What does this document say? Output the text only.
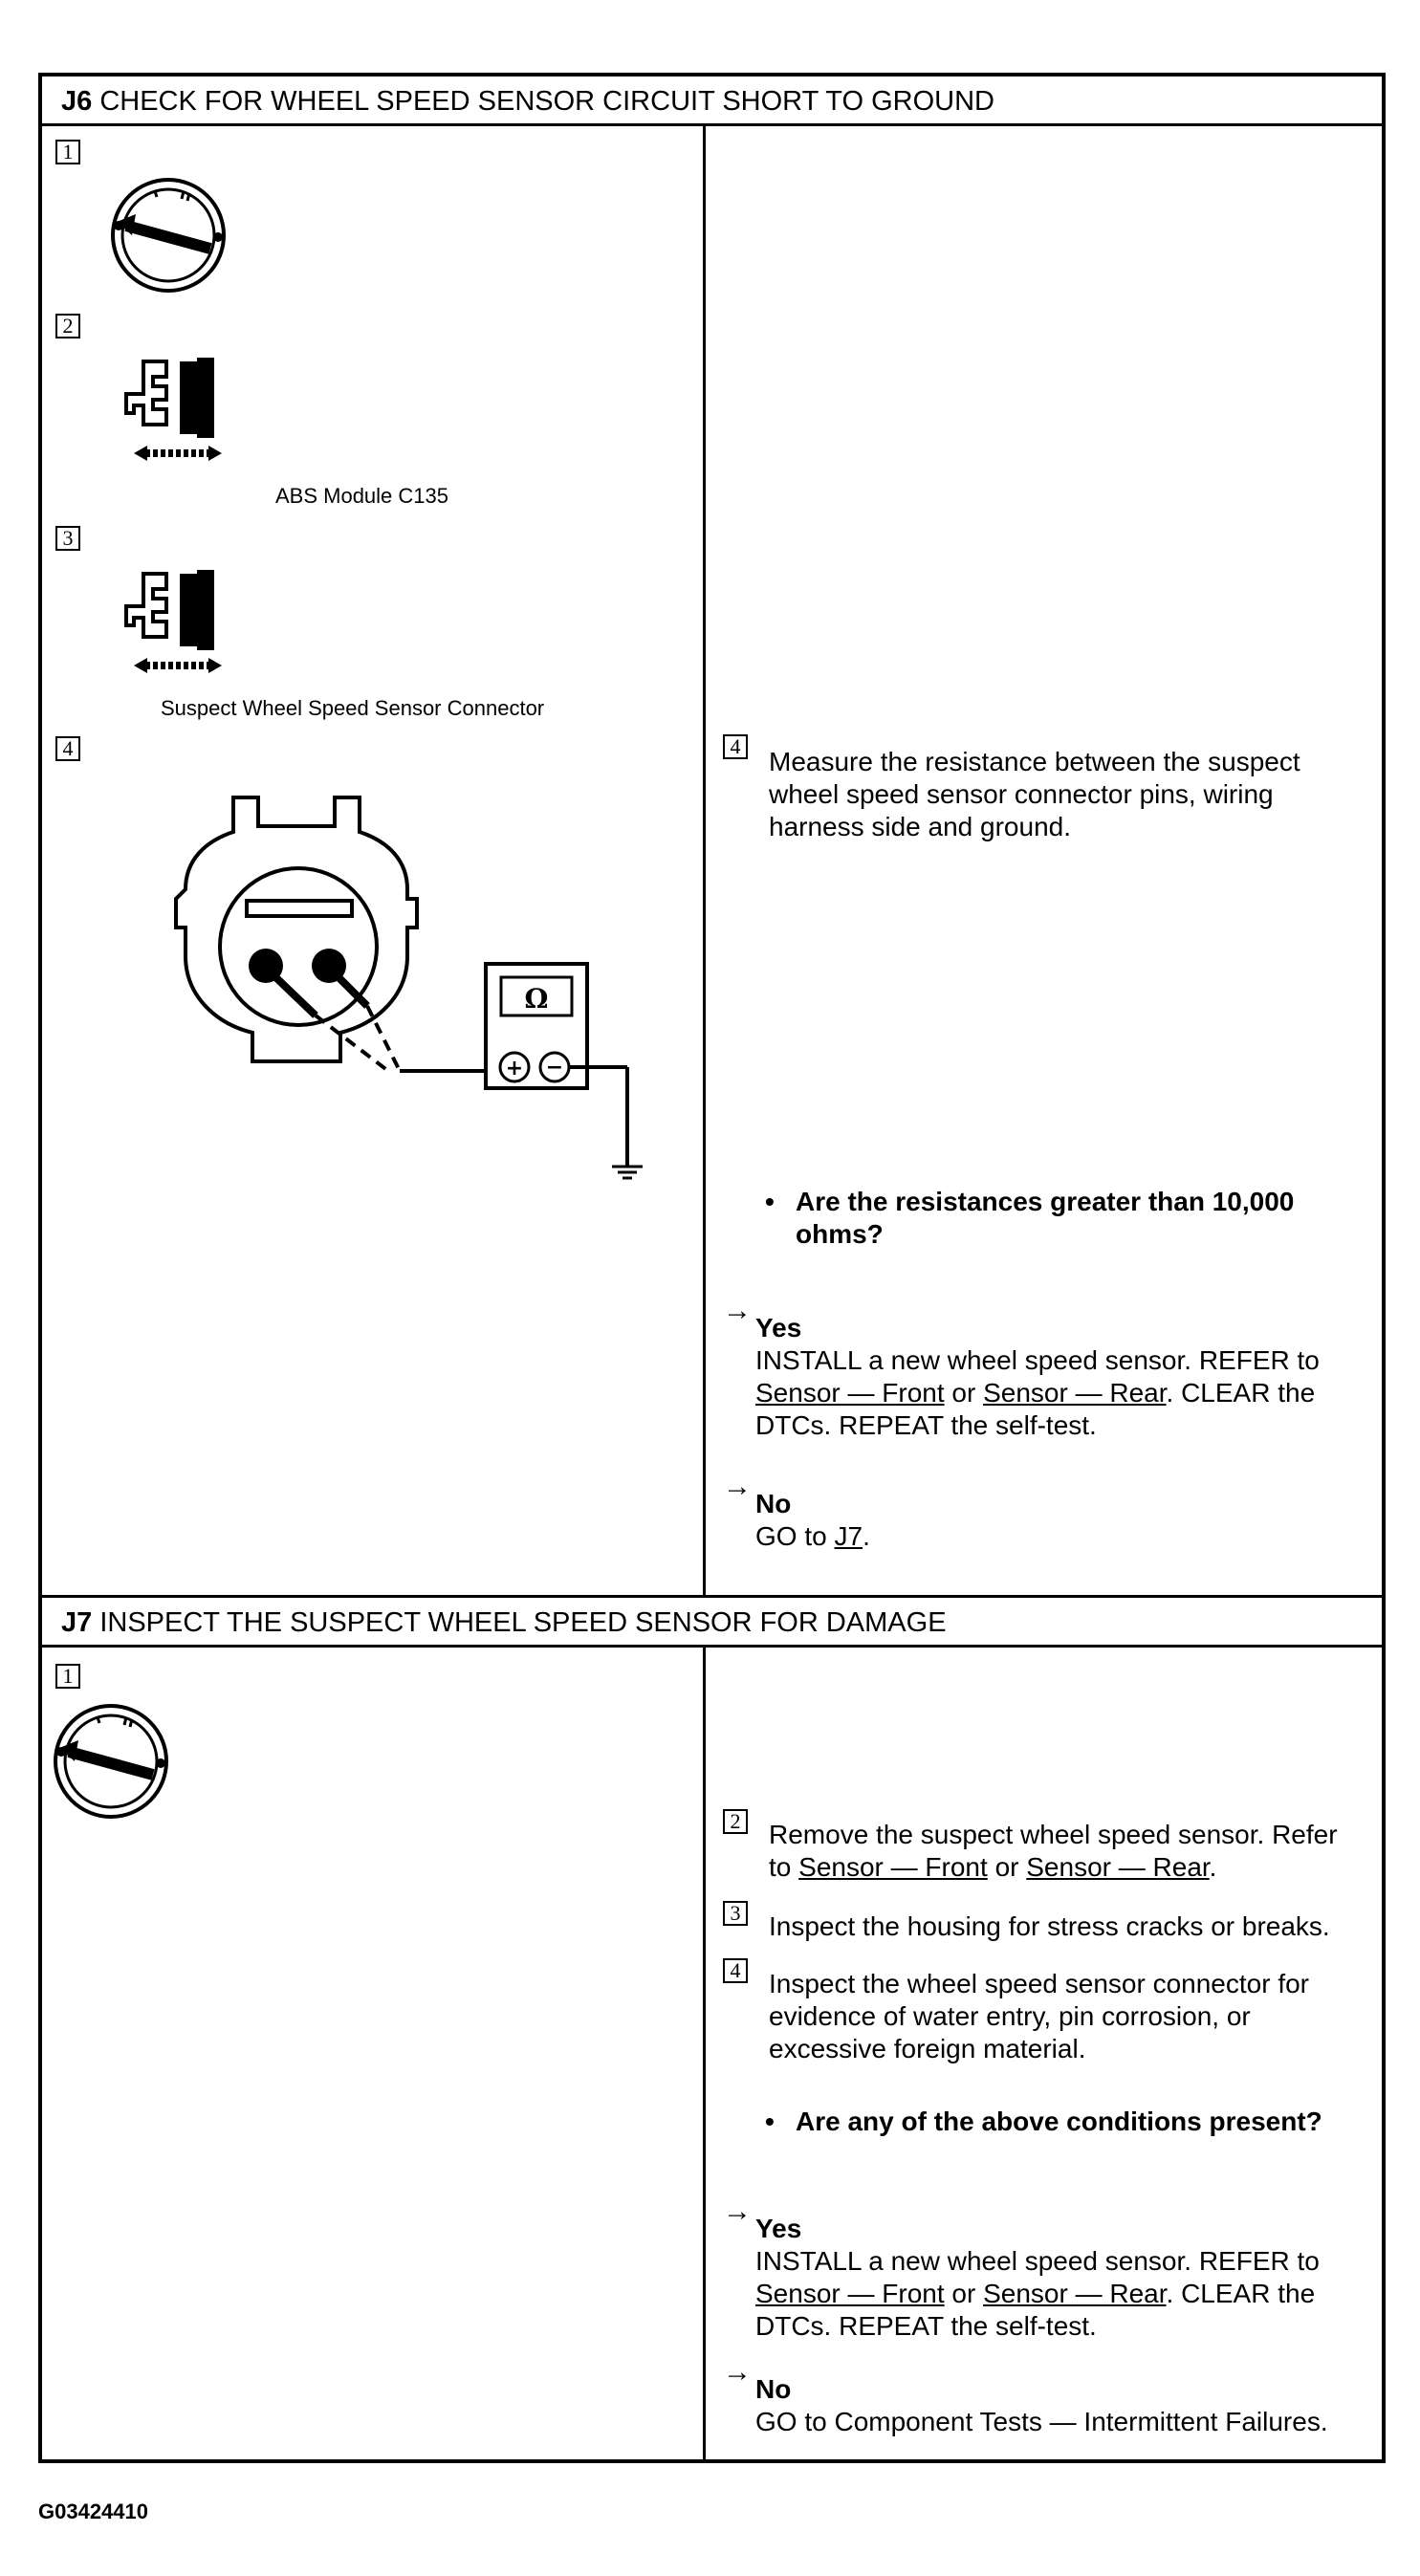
J6 CHECK FOR WHEEL SPEED SENSOR CIRCUIT SHORT TO GROUND
1
2
ABS Module C135
3
Suspect Wheel Speed Sensor Connector
4
Ω
+ −
4
Measure the resistance between the suspect wheel speed sensor connector pins, wiring harness side and ground.
• Are the resistances greater than 10,000 ohms?
→
Yes
INSTALL a new wheel speed sensor. REFER to Sensor — Front or Sensor — Rear. CLEAR the DTCs. REPEAT the self-test.
→
No
GO to J7.
J7 INSPECT THE SUSPECT WHEEL SPEED SENSOR FOR DAMAGE
1
2 Remove the suspect wheel speed sensor. Refer to Sensor — Front or Sensor — Rear.
3 Inspect the housing for stress cracks or breaks.
4 Inspect the wheel speed sensor connector for evidence of water entry, pin corrosion, or excessive foreign material.
• Are any of the above conditions present?
→
Yes
INSTALL a new wheel speed sensor. REFER to Sensor — Front or Sensor — Rear. CLEAR the DTCs. REPEAT the self-test.
→
No
GO to Component Tests — Intermittent Failures.
G03424410
